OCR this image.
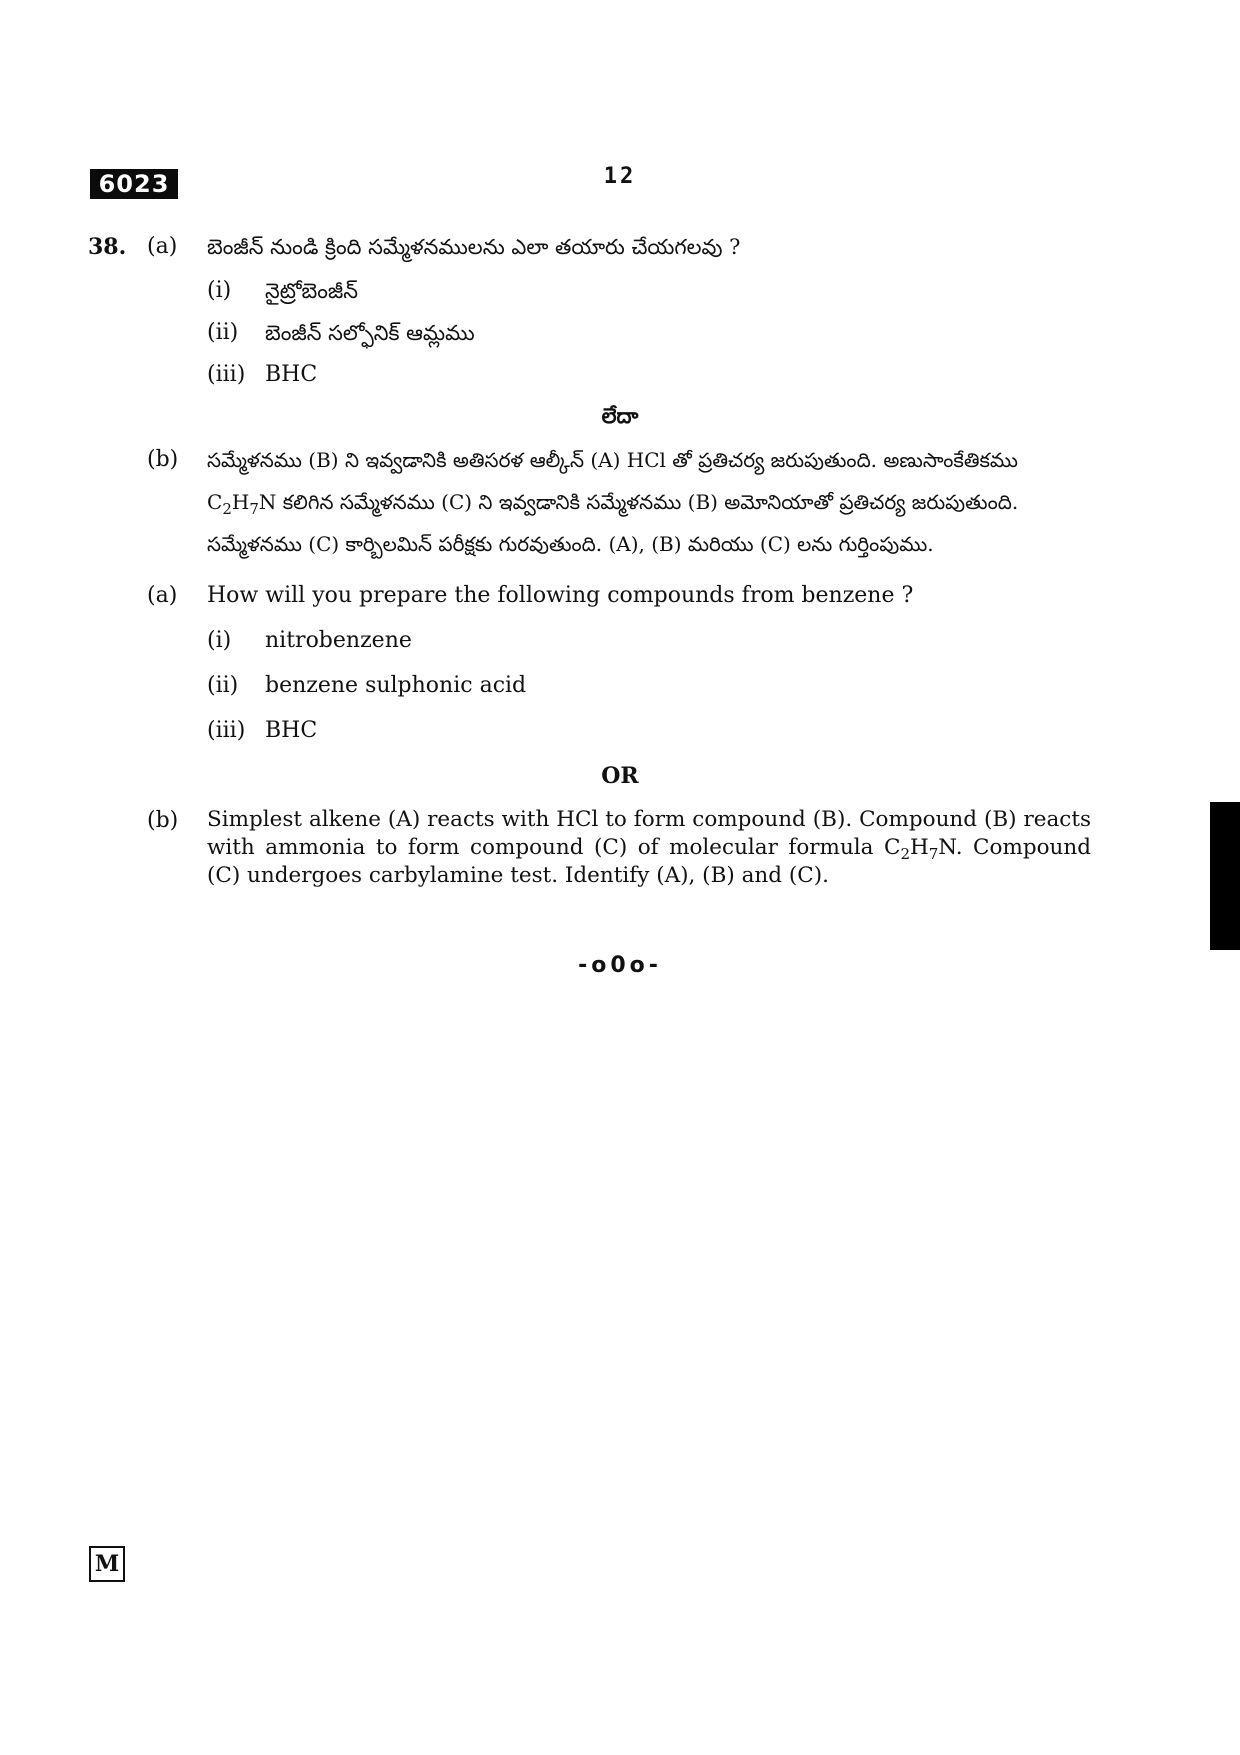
6023	12
38. (a) బెంజీన్ నుండి క్రింది సమ్మేళనములను ఎలా తయారు చేయగలవు ?
(i) నైట్రోబెంజీన్
(ii) బెంజీన్ సల్ఫోనిక్ ఆమ్లము
(iii) BHC
లేదా
(b) సమ్మేళనము (B) ని ఇవ్వడానికి అతిసరళ ఆల్కీన్ (A) HCl తో ప్రతిచర్య జరుపుతుంది. అణుసాంకేతికము
$C_2H_7N$ కలిగిన సమ్మేళనము (C) ని ఇవ్వడానికి సమ్మేళనము (B) అమోనియాతో ప్రతిచర్య జరుపుతుంది.
సమ్మేళనము (C) కార్బిలమిన్ పరీక్షకు గురవుతుంది. (A), (B) మరియు (C) లను గుర్తింపుము.
(a) How will you prepare the following compounds from benzene ?
(i) nitrobenzene
(ii) benzene sulphonic acid
(iii) BHC
OR
(b) Simplest alkene (A) reacts with HCl to form compound (B). Compound (B) reacts with ammonia to form compound (C) of molecular formula $C_2H_7N$. Compound (C) undergoes carbylamine test. Identify (A), (B) and (C).
-o0o-
M
